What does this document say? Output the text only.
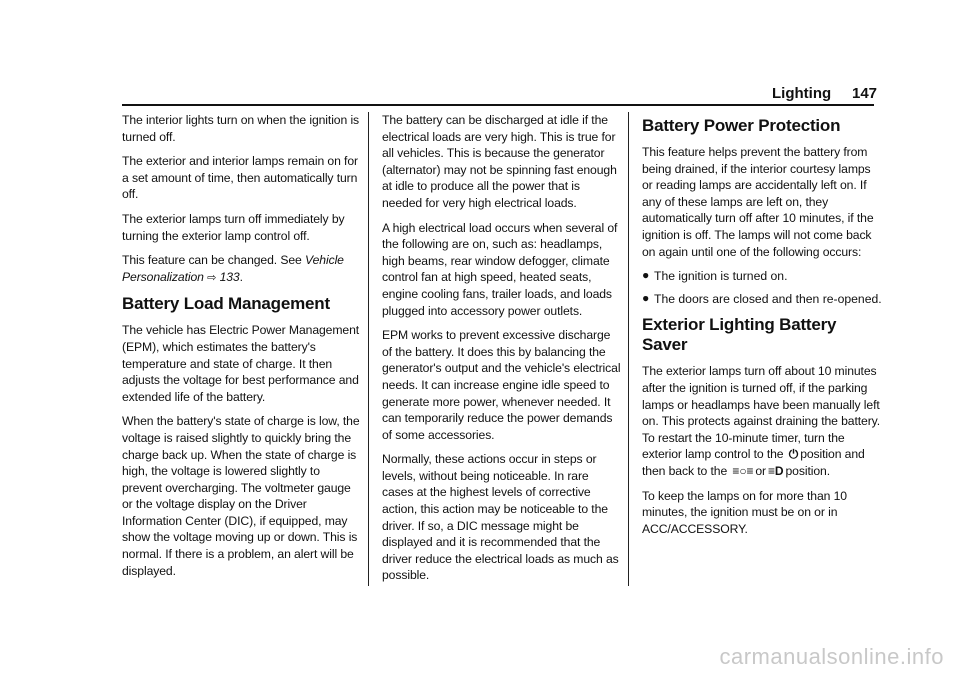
Lighting 147

The interior lights turn on when the ignition is turned off.

The exterior and interior lamps remain on for a set amount of time, then automatically turn off.

The exterior lamps turn off immediately by turning the exterior lamp control off.

This feature can be changed. See Vehicle Personalization ⇨ 133.

Battery Load Management

The vehicle has Electric Power Management (EPM), which estimates the battery's temperature and state of charge. It then adjusts the voltage for best performance and extended life of the battery.

When the battery's state of charge is low, the voltage is raised slightly to quickly bring the charge back up. When the state of charge is high, the voltage is lowered slightly to prevent overcharging. The voltmeter gauge or the voltage display on the Driver Information Center (DIC), if equipped, may show the voltage moving up or down. This is normal. If there is a problem, an alert will be displayed.

The battery can be discharged at idle if the electrical loads are very high. This is true for all vehicles. This is because the generator (alternator) may not be spinning fast enough at idle to produce all the power that is needed for very high electrical loads.

A high electrical load occurs when several of the following are on, such as: headlamps, high beams, rear window defogger, climate control fan at high speed, heated seats, engine cooling fans, trailer loads, and loads plugged into accessory power outlets.

EPM works to prevent excessive discharge of the battery. It does this by balancing the generator's output and the vehicle's electrical needs. It can increase engine idle speed to generate more power, whenever needed. It can temporarily reduce the power demands of some accessories.

Normally, these actions occur in steps or levels, without being noticeable. In rare cases at the highest levels of corrective action, this action may be noticeable to the driver. If so, a DIC message might be displayed and it is recommended that the driver reduce the electrical loads as much as possible.

Battery Power Protection

This feature helps prevent the battery from being drained, if the interior courtesy lamps or reading lamps are accidentally left on. If any of these lamps are left on, they automatically turn off after 10 minutes, if the ignition is off. The lamps will not come back on again until one of the following occurs:

● The ignition is turned on.
● The doors are closed and then re-opened.
Exterior Lighting Battery Saver

The exterior lamps turn off about 10 minutes after the ignition is turned off, if the parking lamps or headlamps have been manually left on. This protects against draining the battery. To restart the 10-minute timer, turn the exterior lamp control to the ⏻ position and then back to the ≡○≡ or ≡D position.

To keep the lamps on for more than 10 minutes, the ignition must be on or in ACC/ACCESSORY.

carmanualsonline.info
